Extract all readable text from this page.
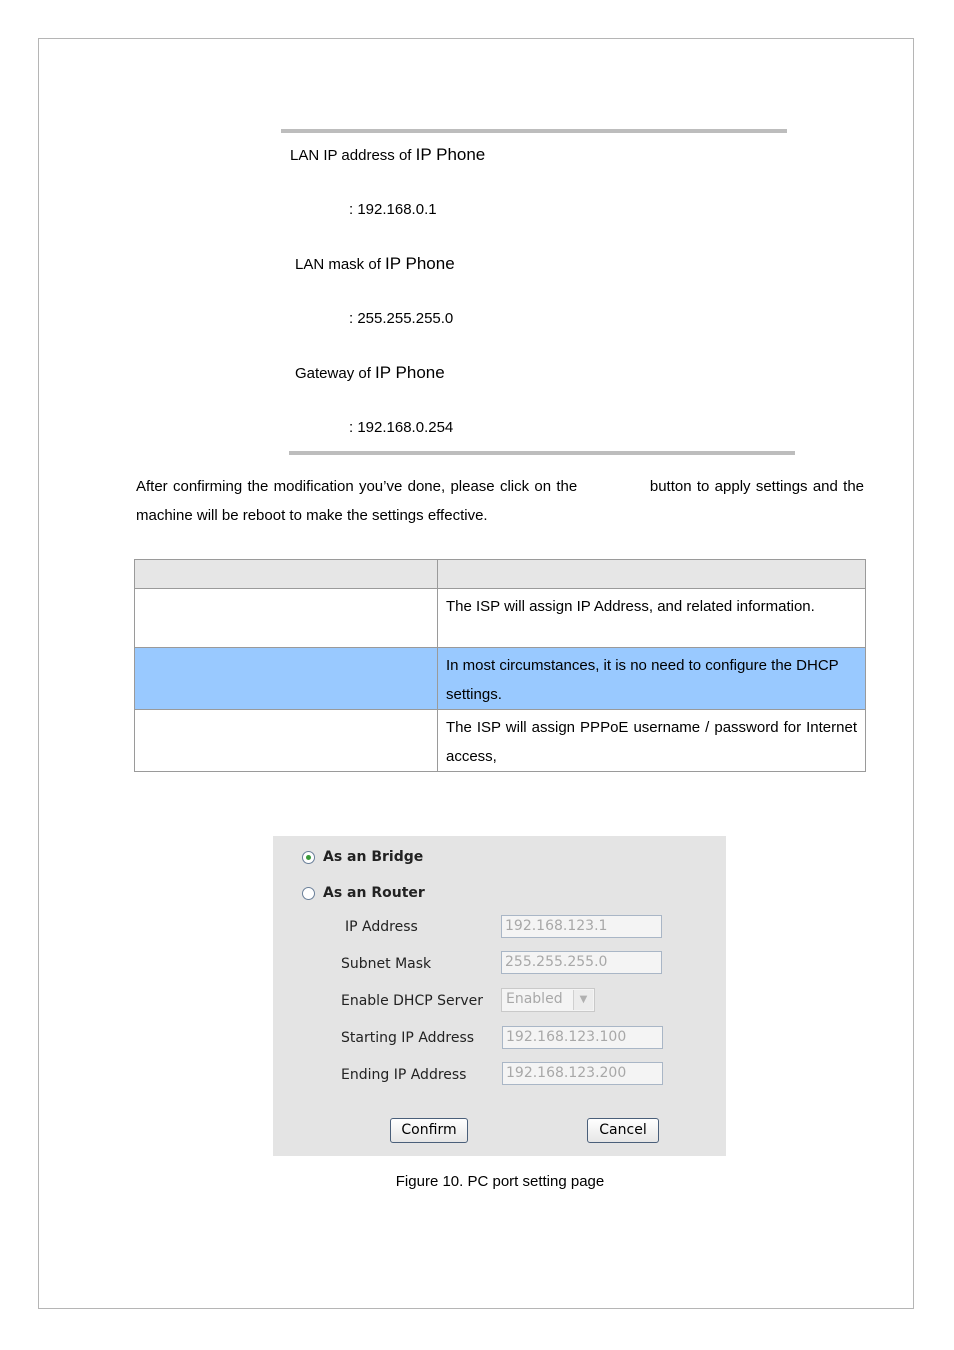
LAN IP address of IP Phone
: 192.168.0.1
LAN mask of IP Phone
: 255.255.255.0
Gateway of IP Phone
: 192.168.0.254
After confirming the modification you’ve done, please click on the	button to apply settings and the machine will be reboot to make the settings effective.

	The ISP will assign IP Address, and related information.
	In most circumstances, it is no need to configure the DHCP settings.
	The ISP will assign PPPoE username / password for Internet access,
As an Bridge
As an Router
IP Address	192.168.123.1
Subnet Mask	255.255.255.0
Enable DHCP Server	Enabled	▼
Starting IP Address 192.168.123.100
Ending IP Address	192.168.123.200
Confirm	Cancel
Figure 10. PC port setting page
